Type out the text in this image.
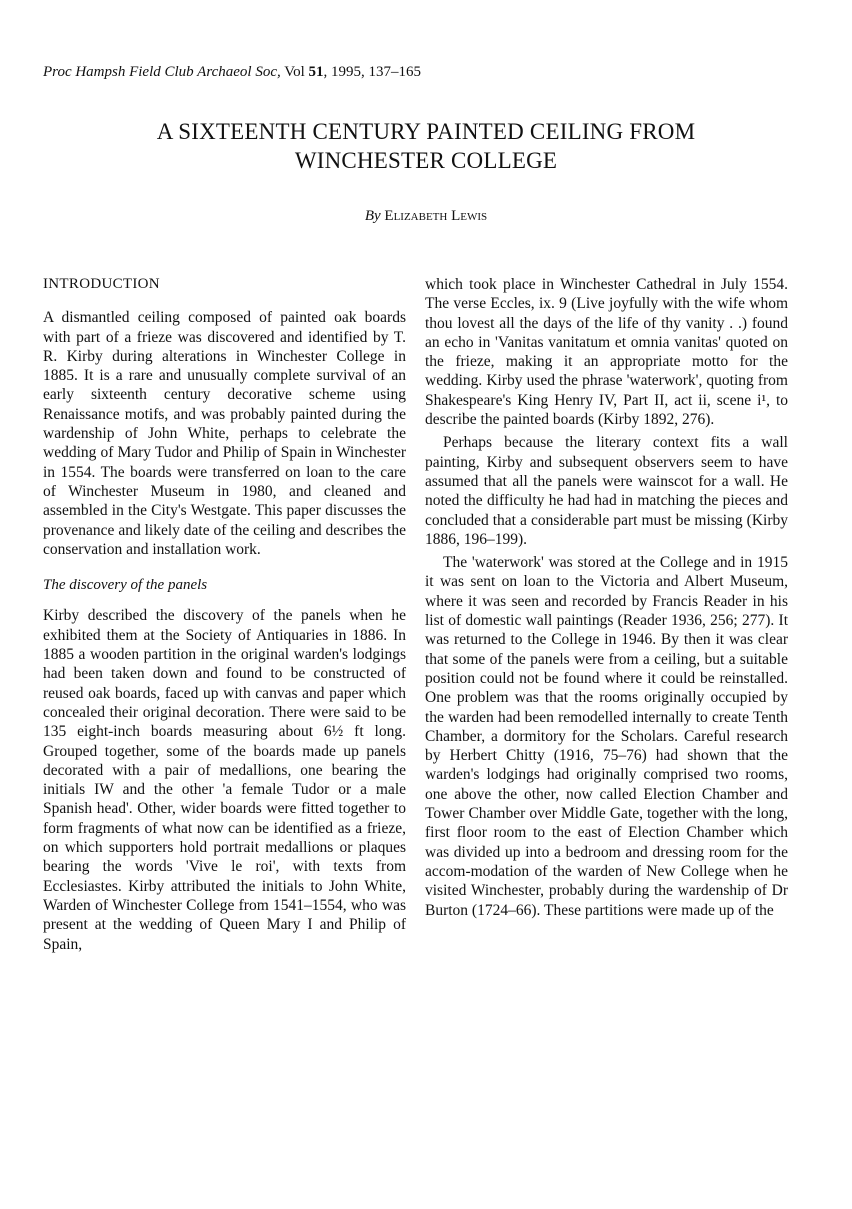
Proc Hampsh Field Club Archaeol Soc, Vol 51, 1995, 137–165
A SIXTEENTH CENTURY PAINTED CEILING FROM
WINCHESTER COLLEGE
By Elizabeth Lewis
INTRODUCTION

A dismantled ceiling composed of painted oak boards with part of a frieze was discovered and identified by T. R. Kirby during alterations in Winchester College in 1885. It is a rare and unusually complete survival of an early sixteenth century decorative scheme using Renaissance motifs, and was probably painted during the wardenship of John White, perhaps to celebrate the wedding of Mary Tudor and Philip of Spain in Winchester in 1554. The boards were transferred on loan to the care of Winchester Museum in 1980, and cleaned and assembled in the City's Westgate. This paper discusses the provenance and likely date of the ceiling and describes the conservation and installation work.

The discovery of the panels

Kirby described the discovery of the panels when he exhibited them at the Society of Antiquaries in 1886. In 1885 a wooden partition in the original warden's lodgings had been taken down and found to be constructed of reused oak boards, faced up with canvas and paper which concealed their original decoration. There were said to be 135 eight-inch boards measuring about 6½ ft long. Grouped together, some of the boards made up panels decorated with a pair of medallions, one bearing the initials IW and the other 'a female Tudor or a male Spanish head'. Other, wider boards were fitted together to form fragments of what now can be identified as a frieze, on which supporters hold portrait medallions or plaques bearing the words 'Vive le roi', with texts from Ecclesiastes. Kirby attributed the initials to John White, Warden of Winchester College from 1541–1554, who was present at the wedding of Queen Mary I and Philip of Spain,

which took place in Winchester Cathedral in July 1554. The verse Eccles, ix. 9 (Live joyfully with the wife whom thou lovest all the days of the life of thy vanity . .) found an echo in 'Vanitas vanitatum et omnia vanitas' quoted on the frieze, making it an appropriate motto for the wedding. Kirby used the phrase 'waterwork', quoting from Shakespeare's King Henry IV, Part II, act ii, scene i¹, to describe the painted boards (Kirby 1892, 276).

Perhaps because the literary context fits a wall painting, Kirby and subsequent observers seem to have assumed that all the panels were wainscot for a wall. He noted the difficulty he had had in matching the pieces and concluded that a considerable part must be missing (Kirby 1886, 196–199).

The 'waterwork' was stored at the College and in 1915 it was sent on loan to the Victoria and Albert Museum, where it was seen and recorded by Francis Reader in his list of domestic wall paintings (Reader 1936, 256; 277). It was returned to the College in 1946. By then it was clear that some of the panels were from a ceiling, but a suitable position could not be found where it could be reinstalled. One problem was that the rooms originally occupied by the warden had been remodelled internally to create Tenth Chamber, a dormitory for the Scholars. Careful research by Herbert Chitty (1916, 75–76) had shown that the warden's lodgings had originally comprised two rooms, one above the other, now called Election Chamber and Tower Chamber over Middle Gate, together with the long, first floor room to the east of Election Chamber which was divided up into a bedroom and dressing room for the accom-modation of the warden of New College when he visited Winchester, probably during the wardenship of Dr Burton (1724–66). These partitions were made up of the
